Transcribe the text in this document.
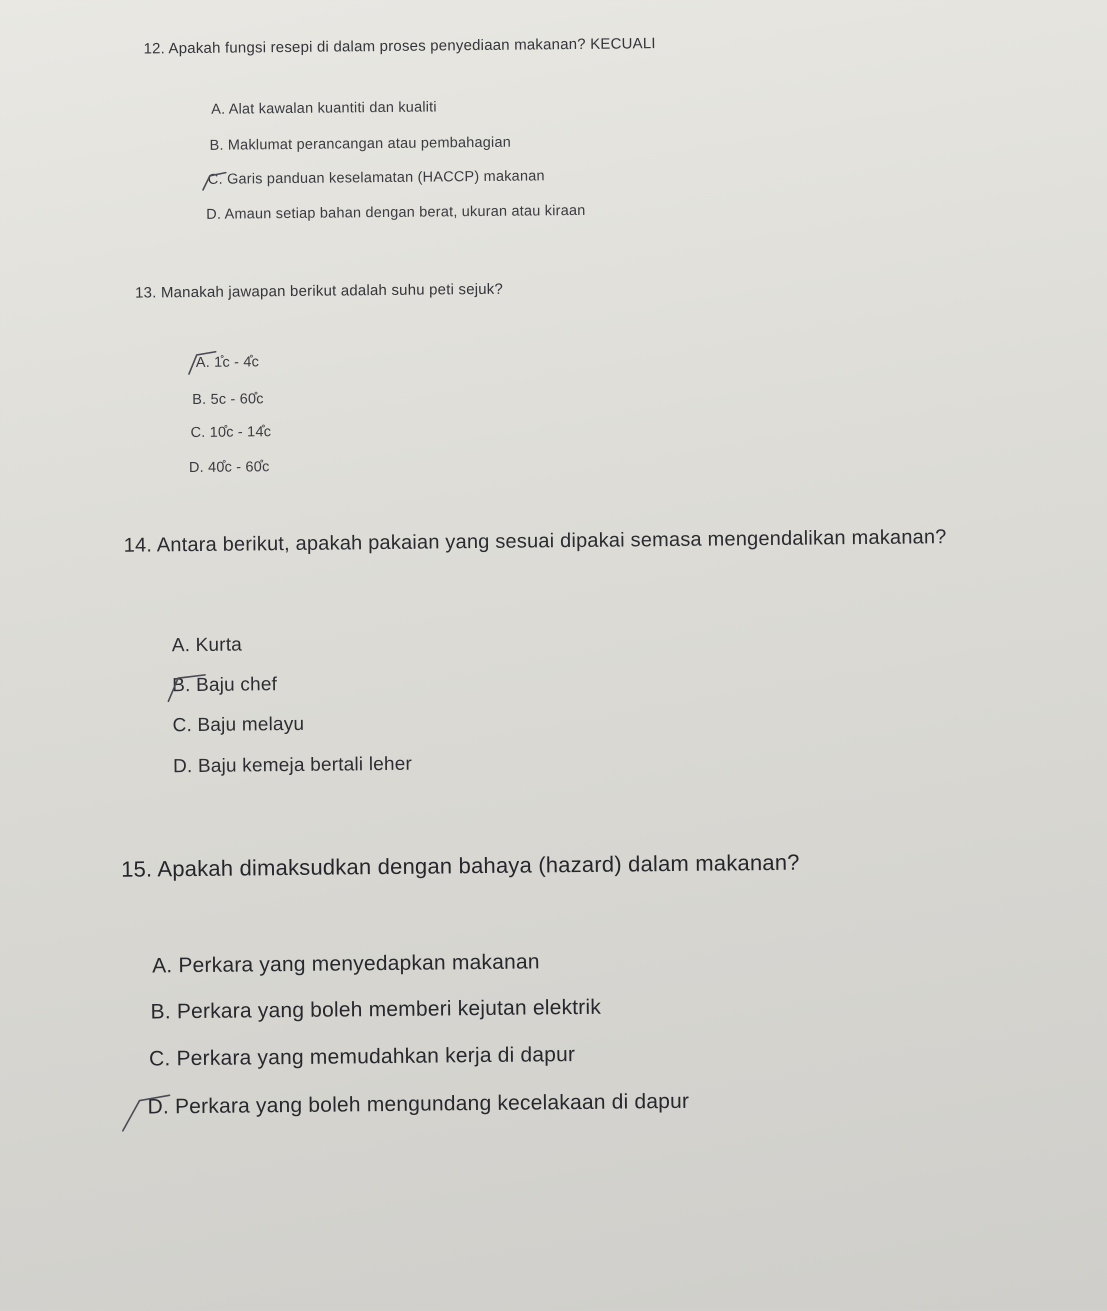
12. Apakah fungsi resepi di dalam proses penyediaan makanan? KECUALI
A. Alat kawalan kuantiti dan kualiti
B. Maklumat perancangan atau pembahagian
C. Garis panduan keselamatan (HACCP) makanan
D. Amaun setiap bahan dengan berat, ukuran atau kiraan
13. Manakah jawapan berikut adalah suhu peti sejuk?
A. 1̊c - 4̊c
B. 5c - 60̊c
C. 10̊c - 14̊c
D. 40̊c - 60̊c
14. Antara berikut, apakah pakaian yang sesuai dipakai semasa mengendalikan makanan?
A. Kurta
B. Baju chef
C. Baju melayu
D. Baju kemeja bertali leher
15. Apakah dimaksudkan dengan bahaya (hazard) dalam makanan?
A. Perkara yang menyedapkan makanan
B. Perkara yang boleh memberi kejutan elektrik
C. Perkara yang memudahkan kerja di dapur
D. Perkara yang boleh mengundang kecelakaan di dapur
